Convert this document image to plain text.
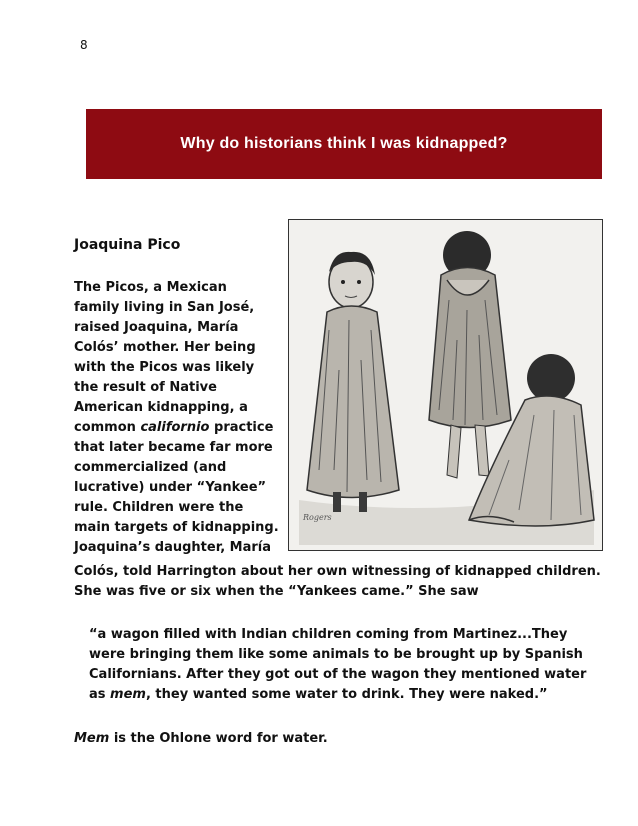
8
Why do historians think I was kidnapped?
Joaquina Pico
The Picos, a Mexican
family living in San José,
raised Joaquina, María
Colós’ mother. Her being
with the Picos was likely
the result of Native
American kidnapping, a
common californio practice
that later became far more
commercialized (and
lucrative) under “Yankee”
rule. Children were the
main targets of kidnapping.
Joaquina’s daughter, María
Colós, told Harrington about her own witnessing of kidnapped children.
She was five or six when the “Yankees came.” She saw
“a wagon filled with Indian children coming from Martinez...They
were bringing them like some animals to be brought up by Spanish
Californians. After they got out of the wagon they mentioned water
as mem, they wanted some water to drink. They were naked.”
Mem is the Ohlone word for water.
Rogers
